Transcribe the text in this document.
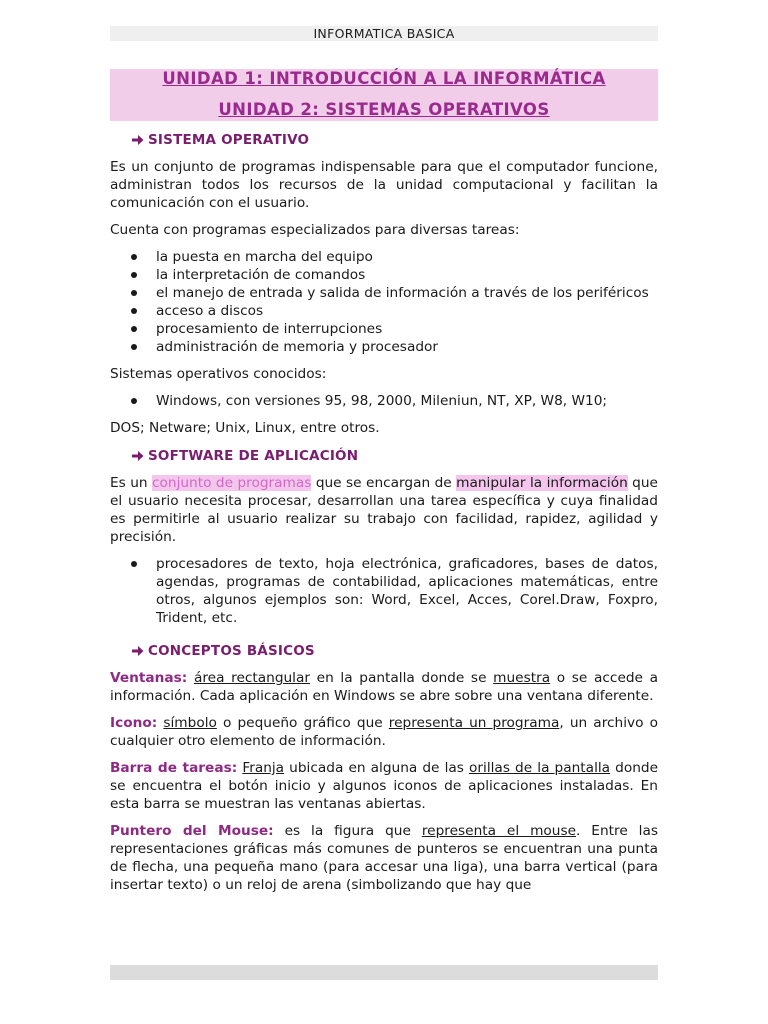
INFORMATICA BASICA
UNIDAD 1: INTRODUCCIÓN A LA INFORMÁTICA
UNIDAD 2: SISTEMAS OPERATIVOS
SISTEMA OPERATIVO

Es un conjunto de programas indispensable para que el computador funcione, administran todos los recursos de la unidad computacional y facilitan la comunicación con el usuario.

Cuenta con programas especializados para diversas tareas:

la puesta en marcha del equipo
la interpretación de comandos
el manejo de entrada y salida de información a través de los periféricos
acceso a discos
procesamiento de interrupciones
administración de memoria y procesador

Sistemas operativos conocidos:

Windows, con versiones 95, 98, 2000, Mileniun, NT, XP, W8, W10;

DOS; Netware; Unix, Linux, entre otros.

SOFTWARE DE APLICACIÓN

Es un conjunto de programas que se encargan de manipular la información que el usuario necesita procesar, desarrollan una tarea específica y cuya finalidad es permitirle al usuario realizar su trabajo con facilidad, rapidez, agilidad y precisión.

procesadores de texto, hoja electrónica, graficadores, bases de datos, agendas, programas de contabilidad, aplicaciones matemáticas, entre otros, algunos ejemplos son: Word, Excel, Acces, Corel.Draw, Foxpro, Trident, etc.
CONCEPTOS BÁSICOS

Ventanas: área rectangular en la pantalla donde se muestra o se accede a información. Cada aplicación en Windows se abre sobre una ventana diferente.

Icono: símbolo o pequeño gráfico que representa un programa, un archivo o cualquier otro elemento de información.

Barra de tareas: Franja ubicada en alguna de las orillas de la pantalla donde se encuentra el botón inicio y algunos iconos de aplicaciones instaladas. En esta barra se muestran las ventanas abiertas.

Puntero del Mouse: es la figura que representa el mouse. Entre las representaciones gráficas más comunes de punteros se encuentran una punta de flecha, una pequeña mano (para accesar una liga), una barra vertical (para insertar texto) o un reloj de arena (simbolizando que hay que
